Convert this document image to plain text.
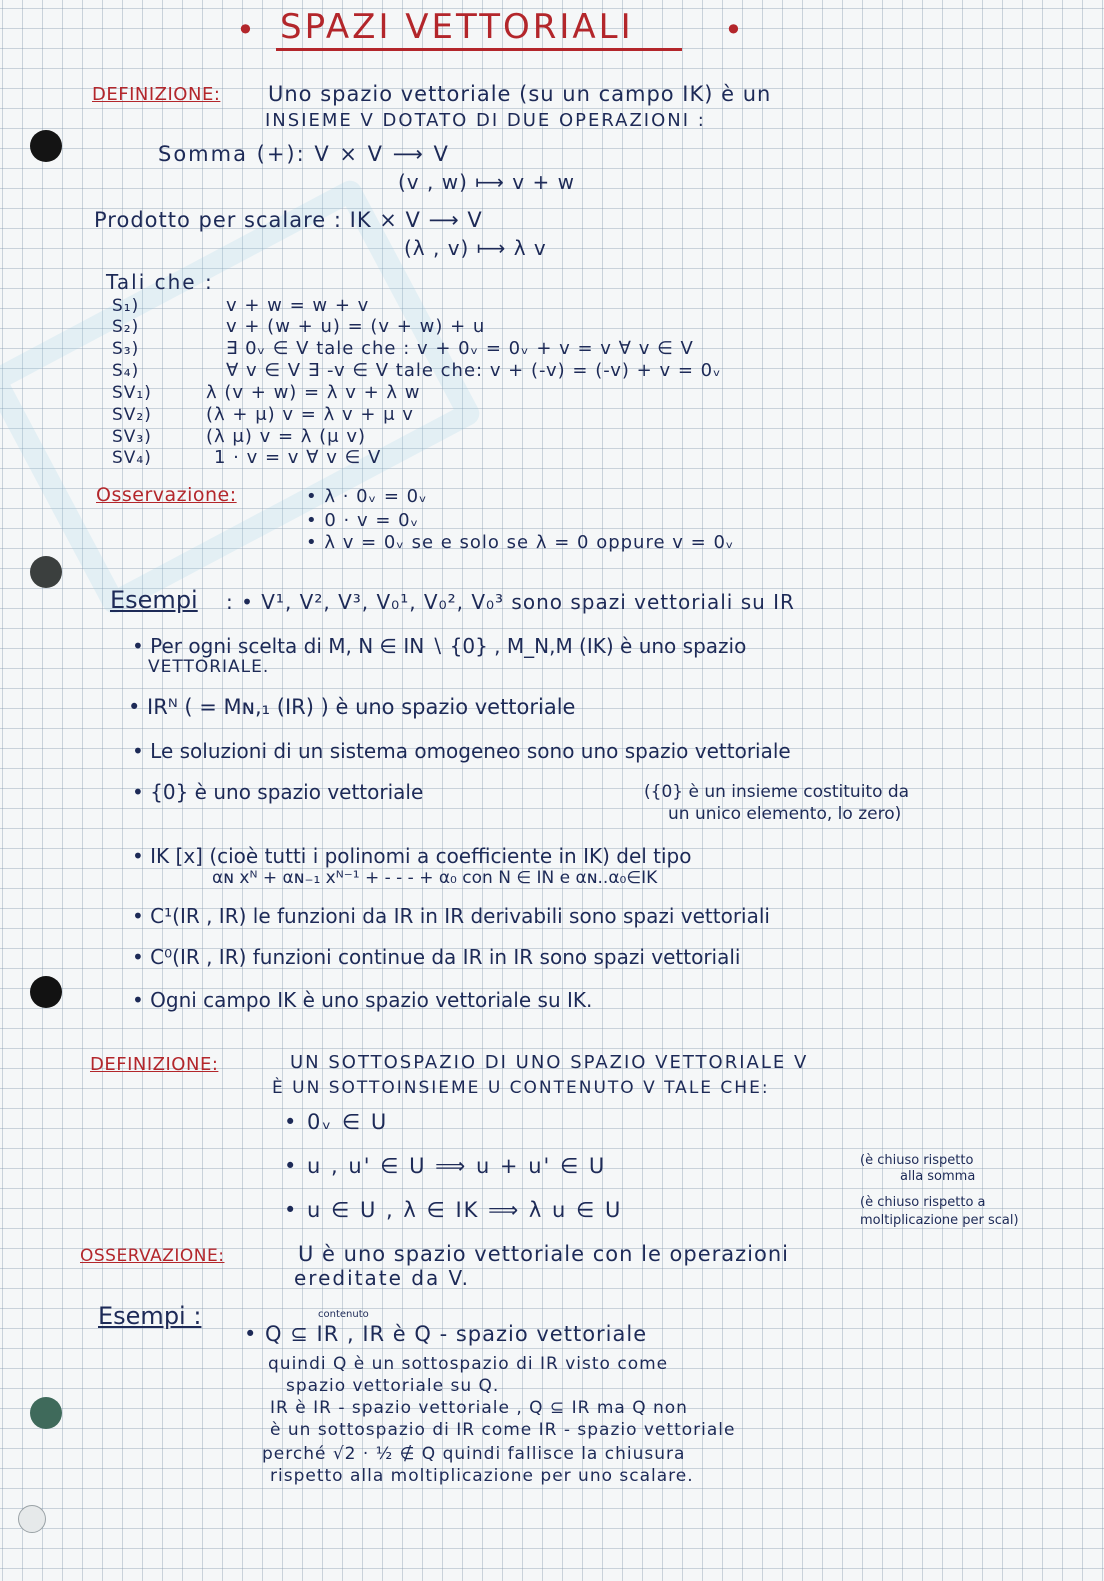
• SPAZI VETTORIALI	•
DEFINIZIONE: Uno spazio vettoriale (su un campo IK) è un
INSIEME V DOTATO DI DUE OPERAZIONI :
Somma (+): V × V ⟶ V
(v , w) ⟼ v + w
Prodotto per scalare : IK × V ⟶ V
(λ , v) ⟼ λ v
Tali che :
S₁)	v + w = w + v
S₂)	v + (w + u) = (v + w) + u
S₃)	∃ 0ᵥ ∈ V tale che : v + 0ᵥ = 0ᵥ + v = v ∀ v ∈ V
S₄)	∀ v ∈ V ∃ -v ∈ V tale che: v + (-v) = (-v) + v = 0ᵥ
SV₁)	λ (v + w) = λ v + λ w
SV₂)	(λ + μ) v = λ v + μ v
SV₃)	(λ μ) v = λ (μ v)
SV₄)	1 · v = v ∀ v ∈ V
Osservazione:	• λ · 0ᵥ = 0ᵥ
• 0 · v = 0ᵥ
• λ v = 0ᵥ se e solo se λ = 0 oppure v = 0ᵥ
Esempi : • V¹, V², V³, V₀¹, V₀², V₀³ sono spazi vettoriali su IR
• Per ogni scelta di M, N ∈ IN ∖ {0} , M_N,M (IK) è uno spazio
VETTORIALE.
• IRᴺ ( = Mɴ,₁ (IR) ) è uno spazio vettoriale
• Le soluzioni di un sistema omogeneo sono uno spazio vettoriale
• {0} è uno spazio vettoriale	({0} è un insieme costituito da
un unico elemento, lo zero)
• IK [x] (cioè tutti i polinomi a coefficiente in IK) del tipo
αɴ xᴺ + αɴ₋₁ xᴺ⁻¹ + - - - + α₀ con N ∈ IN e αɴ..α₀∈IK
• C¹(IR , IR) le funzioni da IR in IR derivabili sono spazi vettoriali
• C⁰(IR , IR) funzioni continue da IR in IR sono spazi vettoriali
• Ogni campo IK è uno spazio vettoriale su IK.
DEFINIZIONE:	UN SOTTOSPAZIO DI UNO SPAZIO VETTORIALE V
È UN SOTTOINSIEME U CONTENUTO V TALE CHE:
• 0ᵥ ∈ U
• u , u' ∈ U ⟹ u + u' ∈ U	(è chiuso rispetto
alla somma
• u ∈ U , λ ∈ IK ⟹ λ u ∈ U	(è chiuso rispetto a
moltiplicazione per scal)
OSSERVAZIONE:	U è uno spazio vettoriale con le operazioni
ereditate da V.
Esempi :	contenuto
• Q ⊆ IR , IR è Q - spazio vettoriale
quindi Q è un sottospazio di IR visto come
spazio vettoriale su Q.
IR è IR - spazio vettoriale , Q ⊆ IR ma Q non
è un sottospazio di IR come IR - spazio vettoriale
perché √2 · ½ ∉ Q quindi fallisce la chiusura
rispetto alla moltiplicazione per uno scalare.
